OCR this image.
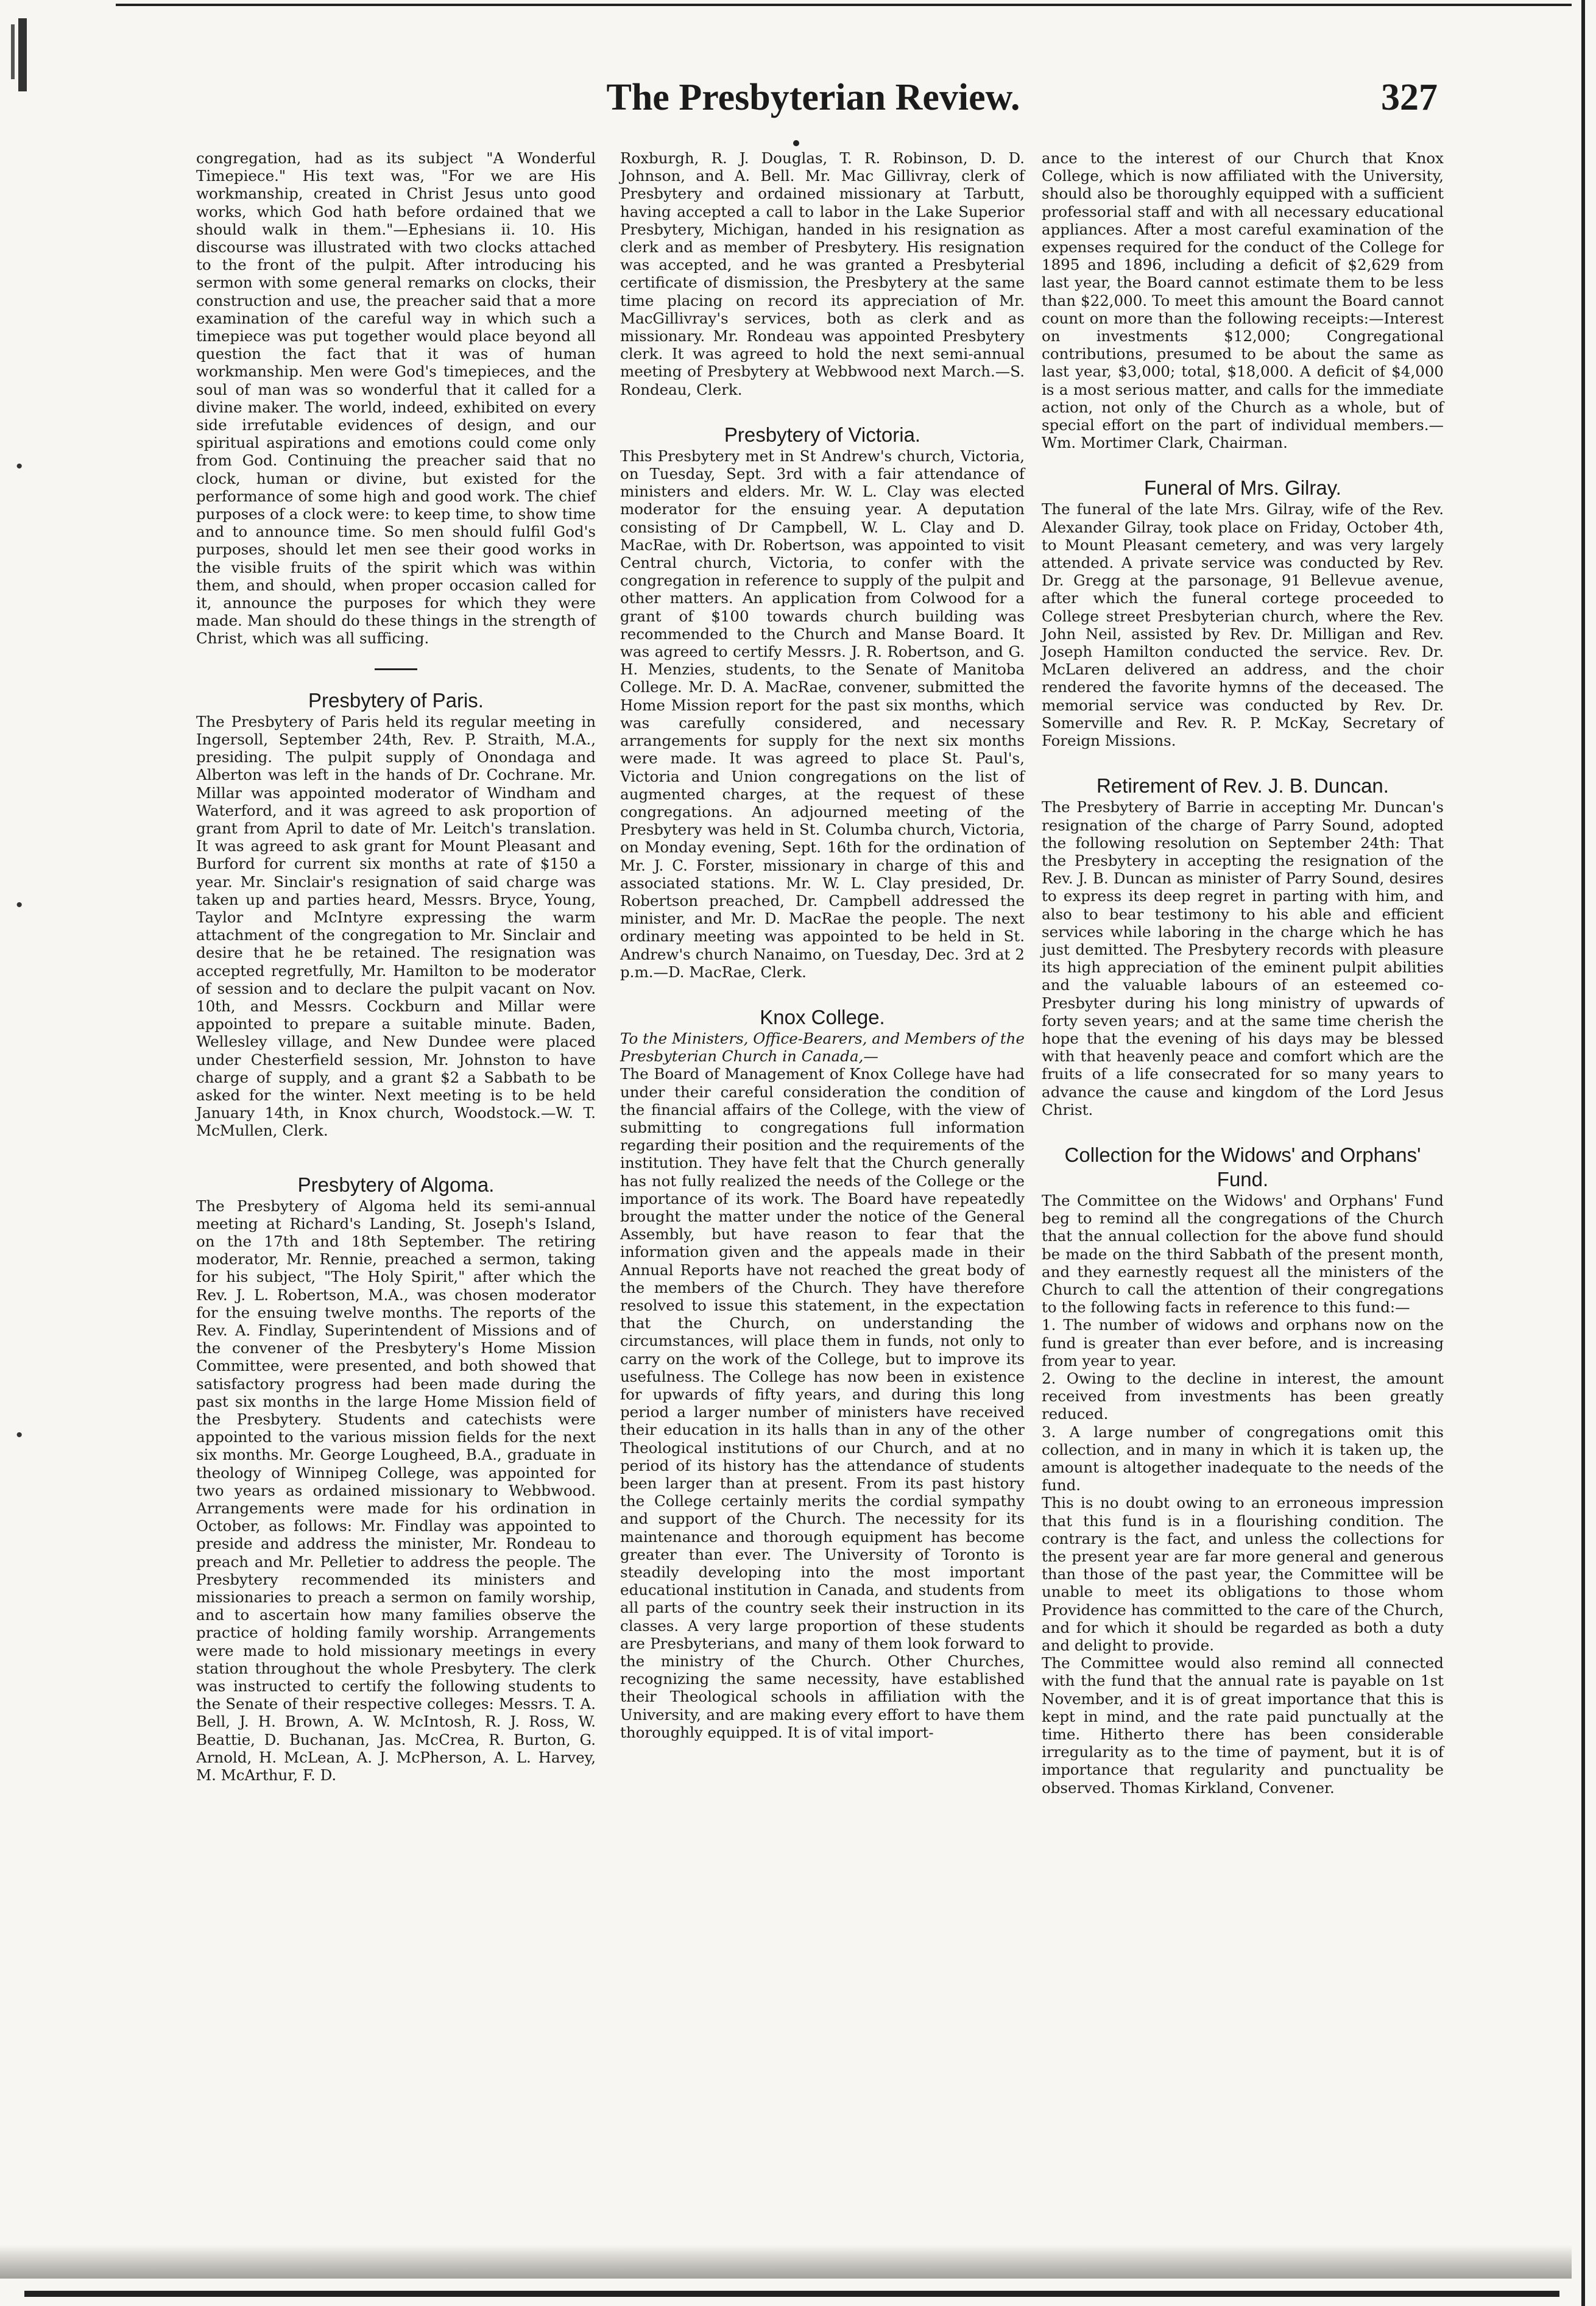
·
·
·
The Presbyterian Review.	327

congregation, had as its subject "A Wonderful Timepiece." His text was, "For we are His workmanship, created in Christ Jesus unto good works, which God hath before ordained that we should walk in them."—Ephesians ii. 10. His discourse was illustrated with two clocks attached to the front of the pulpit. After introducing his sermon with some general remarks on clocks, their construction and use, the preacher said that a more examination of the careful way in which such a timepiece was put together would place beyond all question the fact that it was of human workmanship. Men were God's timepieces, and the soul of man was so wonderful that it called for a divine maker. The world, indeed, exhibited on every side irrefutable evidences of design, and our spiritual aspirations and emotions could come only from God. Continuing the preacher said that no clock, human or divine, but existed for the performance of some high and good work. The chief purposes of a clock were: to keep time, to show time and to announce time. So men should fulfil God's purposes, should let men see their good works in the visible fruits of the spirit which was within them, and should, when proper occasion called for it, announce the purposes for which they were made. Man should do these things in the strength of Christ, which was all sufficing.

Presbytery of Paris.

The Presbytery of Paris held its regular meeting in Ingersoll, September 24th, Rev. P. Straith, M.A., presiding. The pulpit supply of Onondaga and Alberton was left in the hands of Dr. Cochrane. Mr. Millar was appointed moderator of Windham and Waterford, and it was agreed to ask proportion of grant from April to date of Mr. Leitch's translation. It was agreed to ask grant for Mount Pleasant and Burford for current six months at rate of $150 a year. Mr. Sinclair's resignation of said charge was taken up and parties heard, Messrs. Bryce, Young, Taylor and McIntyre expressing the warm attachment of the congregation to Mr. Sinclair and desire that he be retained. The resignation was accepted regretfully, Mr. Hamilton to be moderator of session and to declare the pulpit vacant on Nov. 10th, and Messrs. Cockburn and Millar were appointed to prepare a suitable minute. Baden, Wellesley village, and New Dundee were placed under Chesterfield session, Mr. Johnston to have charge of supply, and a grant $2 a Sabbath to be asked for the winter. Next meeting is to be held January 14th, in Knox church, Woodstock.—W. T. McMullen, Clerk.

Presbytery of Algoma.

The Presbytery of Algoma held its semi-annual meeting at Richard's Landing, St. Joseph's Island, on the 17th and 18th September. The retiring moderator, Mr. Rennie, preached a sermon, taking for his subject, "The Holy Spirit," after which the Rev. J. L. Robertson, M.A., was chosen moderator for the ensuing twelve months. The reports of the Rev. A. Findlay, Superintendent of Missions and of the convener of the Presbytery's Home Mission Committee, were presented, and both showed that satisfactory progress had been made during the past six months in the large Home Mission field of the Presbytery. Students and catechists were appointed to the various mission fields for the next six months. Mr. George Lougheed, B.A., graduate in theology of Winnipeg College, was appointed for two years as ordained missionary to Webbwood. Arrangements were made for his ordination in October, as follows: Mr. Findlay was appointed to preside and address the minister, Mr. Rondeau to preach and Mr. Pelletier to address the people. The Presbytery recommended its ministers and missionaries to preach a sermon on family worship, and to ascertain how many families observe the practice of holding family worship. Arrangements were made to hold missionary meetings in every station throughout the whole Presbytery. The clerk was instructed to certify the following students to the Senate of their respective colleges: Messrs. T. A. Bell, J. H. Brown, A. W. McIntosh, R. J. Ross, W. Beattie, D. Buchanan, Jas. McCrea, R. Burton, G. Arnold, H. McLean, A. J. McPherson, A. L. Harvey, M. McArthur, F. D.

Roxburgh, R. J. Douglas, T. R. Robinson, D. D. Johnson, and A. Bell. Mr. Mac Gillivray, clerk of Presbytery and ordained missionary at Tarbutt, having accepted a call to labor in the Lake Superior Presbytery, Michigan, handed in his resignation as clerk and as member of Presbytery. His resignation was accepted, and he was granted a Presbyterial certificate of dismission, the Presbytery at the same time placing on record its appreciation of Mr. MacGillivray's services, both as clerk and as missionary. Mr. Rondeau was appointed Presbytery clerk. It was agreed to hold the next semi-annual meeting of Presbytery at Webbwood next March.—S. Rondeau, Clerk.

Presbytery of Victoria.

This Presbytery met in St Andrew's church, Victoria, on Tuesday, Sept. 3rd with a fair attendance of ministers and elders. Mr. W. L. Clay was elected moderator for the ensuing year. A deputation consisting of Dr Campbell, W. L. Clay and D. MacRae, with Dr. Robertson, was appointed to visit Central church, Victoria, to confer with the congregation in reference to supply of the pulpit and other matters. An application from Colwood for a grant of $100 towards church building was recommended to the Church and Manse Board. It was agreed to certify Messrs. J. R. Robertson, and G. H. Menzies, students, to the Senate of Manitoba College. Mr. D. A. MacRae, convener, submitted the Home Mission report for the past six months, which was carefully considered, and necessary arrangements for supply for the next six months were made. It was agreed to place St. Paul's, Victoria and Union congregations on the list of augmented charges, at the request of these congregations. An adjourned meeting of the Presbytery was held in St. Columba church, Victoria, on Monday evening, Sept. 16th for the ordination of Mr. J. C. Forster, missionary in charge of this and associated stations. Mr. W. L. Clay presided, Dr. Robertson preached, Dr. Campbell addressed the minister, and Mr. D. MacRae the people. The next ordinary meeting was appointed to be held in St. Andrew's church Nanaimo, on Tuesday, Dec. 3rd at 2 p.m.—D. MacRae, Clerk.

Knox College.

To the Ministers, Office-Bearers, and Members of the Presbyterian Church in Canada,—

The Board of Management of Knox College have had under their careful consideration the condition of the financial affairs of the College, with the view of submitting to congregations full information regarding their position and the requirements of the institution. They have felt that the Church generally has not fully realized the needs of the College or the importance of its work. The Board have repeatedly brought the matter under the notice of the General Assembly, but have reason to fear that the information given and the appeals made in their Annual Reports have not reached the great body of the members of the Church. They have therefore resolved to issue this statement, in the expectation that the Church, on understanding the circumstances, will place them in funds, not only to carry on the work of the College, but to improve its usefulness. The College has now been in existence for upwards of fifty years, and during this long period a larger number of ministers have received their education in its halls than in any of the other Theological institutions of our Church, and at no period of its history has the attendance of students been larger than at present. From its past history the College certainly merits the cordial sympathy and support of the Church. The necessity for its maintenance and thorough equipment has become greater than ever. The University of Toronto is steadily developing into the most important educational institution in Canada, and students from all parts of the country seek their instruction in its classes. A very large proportion of these students are Presbyterians, and many of them look forward to the ministry of the Church. Other Churches, recognizing the same necessity, have established their Theological schools in affiliation with the University, and are making every effort to have them thoroughly equipped. It is of vital import-

ance to the interest of our Church that Knox College, which is now affiliated with the University, should also be thoroughly equipped with a sufficient professorial staff and with all necessary educational appliances. After a most careful examination of the expenses required for the conduct of the College for 1895 and 1896, including a deficit of $2,629 from last year, the Board cannot estimate them to be less than $22,000. To meet this amount the Board cannot count on more than the following receipts:—Interest on investments $12,000; Congregational contributions, presumed to be about the same as last year, $3,000; total, $18,000. A deficit of $4,000 is a most serious matter, and calls for the immediate action, not only of the Church as a whole, but of special effort on the part of individual members.—Wm. Mortimer Clark, Chairman.

Funeral of Mrs. Gilray.

The funeral of the late Mrs. Gilray, wife of the Rev. Alexander Gilray, took place on Friday, October 4th, to Mount Pleasant cemetery, and was very largely attended. A private service was conducted by Rev. Dr. Gregg at the parsonage, 91 Bellevue avenue, after which the funeral cortege proceeded to College street Presbyterian church, where the Rev. John Neil, assisted by Rev. Dr. Milligan and Rev. Joseph Hamilton conducted the service. Rev. Dr. McLaren delivered an address, and the choir rendered the favorite hymns of the deceased. The memorial service was conducted by Rev. Dr. Somerville and Rev. R. P. McKay, Secretary of Foreign Missions.

Retirement of Rev. J. B. Duncan.

The Presbytery of Barrie in accepting Mr. Duncan's resignation of the charge of Parry Sound, adopted the following resolution on September 24th: That the Presbytery in accepting the resignation of the Rev. J. B. Duncan as minister of Parry Sound, desires to express its deep regret in parting with him, and also to bear testimony to his able and efficient services while laboring in the charge which he has just demitted. The Presbytery records with pleasure its high appreciation of the eminent pulpit abilities and the valuable labours of an esteemed co-Presbyter during his long ministry of upwards of forty seven years; and at the same time cherish the hope that the evening of his days may be blessed with that heavenly peace and comfort which are the fruits of a life consecrated for so many years to advance the cause and kingdom of the Lord Jesus Christ.

Collection for the Widows' and Orphans' Fund.

The Committee on the Widows' and Orphans' Fund beg to remind all the congregations of the Church that the annual collection for the above fund should be made on the third Sabbath of the present month, and they earnestly request all the ministers of the Church to call the attention of their congregations to the following facts in reference to this fund:—

1. The number of widows and orphans now on the fund is greater than ever before, and is increasing from year to year.

2. Owing to the decline in interest, the amount received from investments has been greatly reduced.

3. A large number of congregations omit this collection, and in many in which it is taken up, the amount is altogether inadequate to the needs of the fund.

This is no doubt owing to an erroneous impression that this fund is in a flourishing condition. The contrary is the fact, and unless the collections for the present year are far more general and generous than those of the past year, the Committee will be unable to meet its obligations to those whom Providence has committed to the care of the Church, and for which it should be regarded as both a duty and delight to provide.

The Committee would also remind all connected with the fund that the annual rate is payable on 1st November, and it is of great importance that this is kept in mind, and the rate paid punctually at the time. Hitherto there has been considerable irregularity as to the time of payment, but it is of importance that regularity and punctuality be observed. Thomas Kirkland, Convener.
